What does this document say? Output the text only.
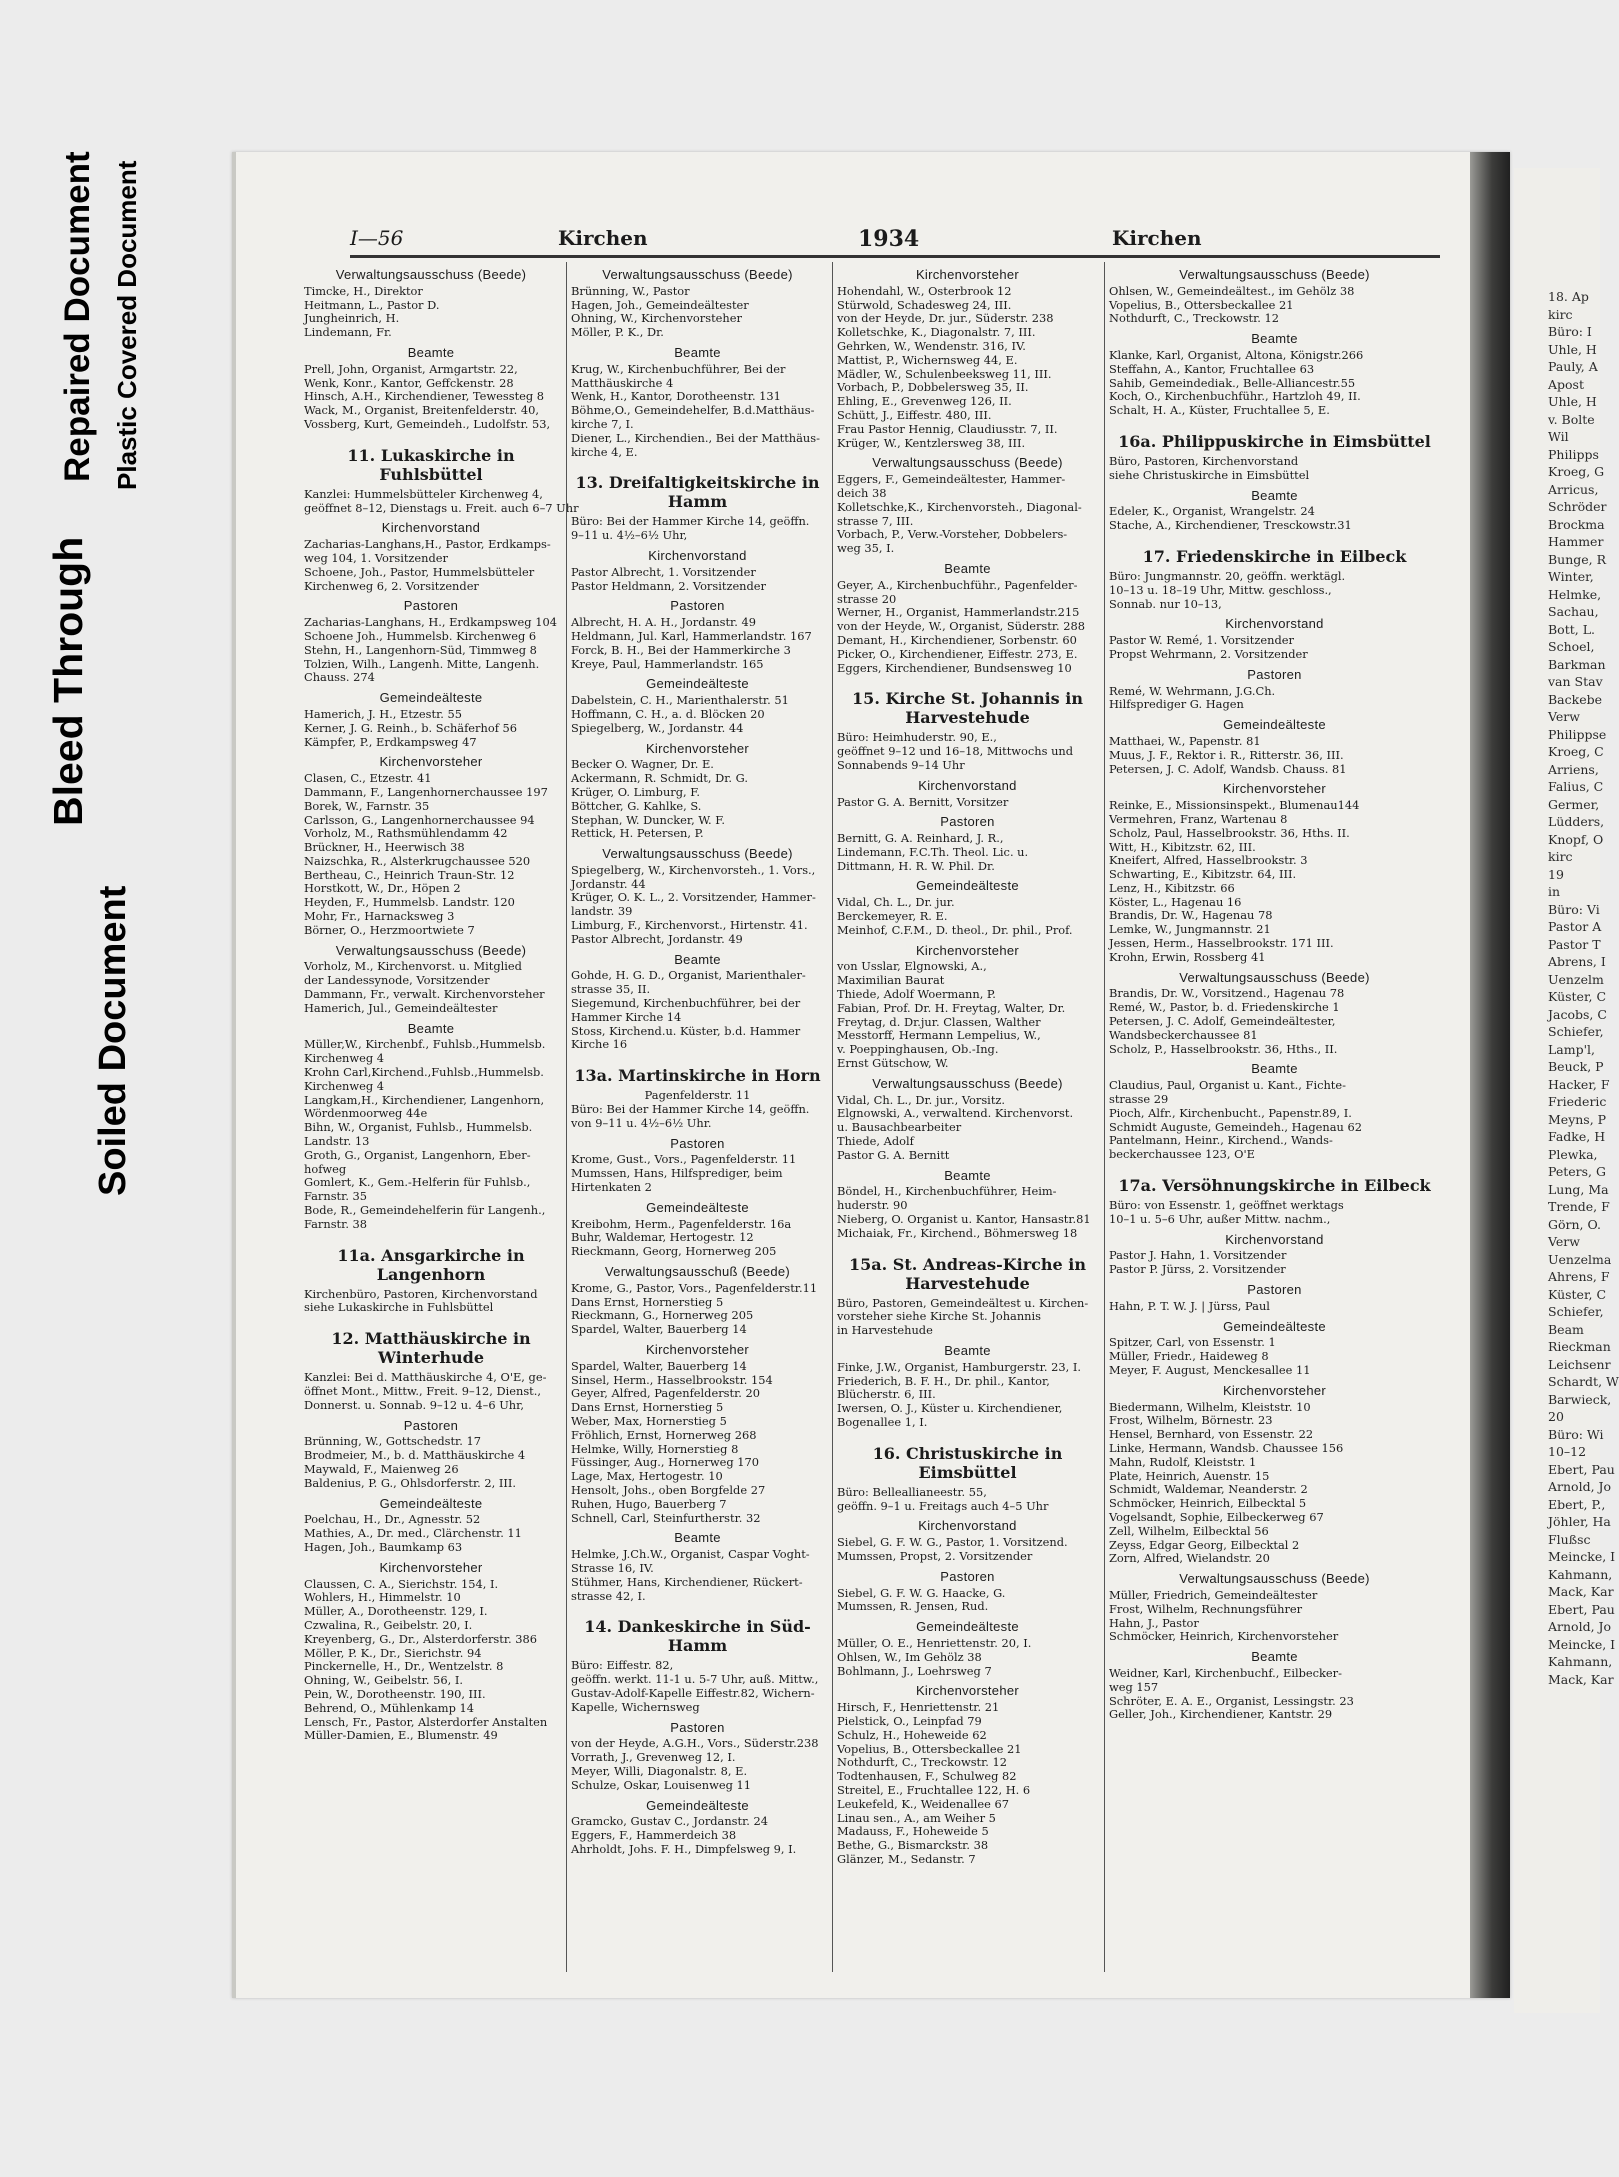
Soiled Document
Bleed Through
Repaired Document Plastic Covered Document	18. Ap
kirc
Büro: I
Uhle, H
Pauly, A
Apost
Uhle, H
v. Bolte
Wil
Philipps
Kroeg, G
Arricus,
Schröder
Brockma
Hammer
Bunge, R
Winter,
Helmke,
Sachau,
Bott, L.
Schoel,
Barkman
van Stav
Backebe
Verw
Philippse
Kroeg, C
Arriens,
Falius, C
Germer,
Lüdders,
Knopf, O
kirc
19
in
Büro: Vi
Pastor A
Pastor T
Abrens, I
Uenzelm
Küster, C
Jacobs, C
Schiefer,
Lamp'l,
Beuck, P
Hacker, F
Friederic
Meyns, P
Fadke, H
Plewka,
Peters, G
Lung, Ma
Trende, F
Görn, O.
Verw
Uenzelma
Ahrens, F
Küster, C
Schiefer,
Beam
Rieckman
Leichsenr
Schardt, W
Barwieck,
20
Büro: Wi
10–12
Ebert, Pau
Arnold, Jo
Ebert, P.,
Jöhler, Ha
Flußsc
Meincke, I
Kahmann,
Mack, Kar
Ebert, Pau
Arnold, Jo
Meincke, I
Kahmann,
Mack, Kar
I—56	Kirchen	1934	Kirchen
Verwaltungsausschuss (Beede)
Timcke, H., Direktor
Heitmann, L., Pastor D.
Jungheinrich, H.
Lindemann, Fr.
Beamte
Prell, John, Organist, Armgartstr. 22,
Wenk, Konr., Kantor, Geffckenstr. 28
Hinsch, A.H., Kirchendiener, Tewessteg 8
Wack, M., Organist, Breitenfelderstr. 40,
Vossberg, Kurt, Gemeindeh., Ludolfstr. 53,
11. Lukaskirche in Fuhlsbüttel
Kanzlei: Hummelsbütteler Kirchenweg 4,
geöffnet 8–12, Dienstags u. Freit. auch 6–7 Uhr
Kirchenvorstand
Zacharias-Langhans,H., Pastor, Erdkamps-
weg 104, 1. Vorsitzender
Schoene, Joh., Pastor, Hummelsbütteler
Kirchenweg 6, 2. Vorsitzender
Pastoren
Zacharias-Langhans, H., Erdkampsweg 104
Schoene Joh., Hummelsb. Kirchenweg 6
Stehn, H., Langenhorn-Süd, Timmweg 8
Tolzien, Wilh., Langenh. Mitte, Langenh.
Chauss. 274
Gemeindeälteste
Hamerich, J. H., Etzestr. 55
Kerner, J. G. Reinh., b. Schäferhof 56
Kämpfer, P., Erdkampsweg 47
Kirchenvorsteher
Clasen, C., Etzestr. 41
Dammann, F., Langenhornerchaussee 197
Borek, W., Farnstr. 35
Carlsson, G., Langenhornerchaussee 94
Vorholz, M., Rathsmühlendamm 42
Brückner, H., Heerwisch 38
Naizschka, R., Alsterkrugchaussee 520
Bertheau, C., Heinrich Traun-Str. 12
Horstkott, W., Dr., Höpen 2
Heyden, F., Hummelsb. Landstr. 120
Mohr, Fr., Harnacksweg 3
Börner, O., Herzmoortwiete 7
Verwaltungsausschuss (Beede)
Vorholz, M., Kirchenvorst. u. Mitglied
der Landessynode, Vorsitzender
Dammann, Fr., verwalt. Kirchenvorsteher
Hamerich, Jul., Gemeindeältester
Beamte
Müller,W., Kirchenbf., Fuhlsb.,Hummelsb.
Kirchenweg 4
Krohn Carl,Kirchend.,Fuhlsb.,Hummelsb.
Kirchenweg 4
Langkam,H., Kirchendiener, Langenhorn,
Wördenmoorweg 44e
Bihn, W., Organist, Fuhlsb., Hummelsb.
Landstr. 13
Groth, G., Organist, Langenhorn, Eber-
hofweg
Gomlert, K., Gem.-Helferin für Fuhlsb.,
Farnstr. 35
Bode, R., Gemeindehelferin für Langenh.,
Farnstr. 38
11a. Ansgarkirche in Langenhorn
Kirchenbüro, Pastoren, Kirchenvorstand
siehe Lukaskirche in Fuhlsbüttel
12. Matthäuskirche in Winterhude
Kanzlei: Bei d. Matthäuskirche 4, O'E, ge-
öffnet Mont., Mittw., Freit. 9–12, Dienst.,
Donnerst. u. Sonnab. 9–12 u. 4–6 Uhr,
Pastoren
Brünning, W., Gottschedstr. 17
Brodmeier, M., b. d. Matthäuskirche 4
Maywald, F., Maienweg 26
Baldenius, P. G., Ohlsdorferstr. 2, III.
Gemeindeälteste
Poelchau, H., Dr., Agnesstr. 52
Mathies, A., Dr. med., Clärchenstr. 11
Hagen, Joh., Baumkamp 63
Kirchenvorsteher
Claussen, C. A., Sierichstr. 154, I.
Wohlers, H., Himmelstr. 10
Müller, A., Dorotheenstr. 129, I.
Czwalina, R., Geibelstr. 20, I.
Kreyenberg, G., Dr., Alsterdorferstr. 386
Möller, P. K., Dr., Sierichstr. 94
Pinckernelle, H., Dr., Wentzelstr. 8
Ohning, W., Geibelstr. 56, I.
Pein, W., Dorotheenstr. 190, III.
Behrend, O., Mühlenkamp 14
Lensch, Fr., Pastor, Alsterdorfer Anstalten
Müller-Damien, E., Blumenstr. 49
Verwaltungsausschuss (Beede)
Brünning, W., Pastor
Hagen, Joh., Gemeindeältester
Ohning, W., Kirchenvorsteher
Möller, P. K., Dr.
Beamte
Krug, W., Kirchenbuchführer, Bei der
Matthäuskirche 4
Wenk, H., Kantor, Dorotheenstr. 131
Böhme,O., Gemeindehelfer, B.d.Matthäus-
kirche 7, I.
Diener, L., Kirchendien., Bei der Matthäus-
kirche 4, E.
13. Dreifaltigkeitskirche in Hamm
Büro: Bei der Hammer Kirche 14, geöffn.
9–11 u. 4½–6½ Uhr,
Kirchenvorstand
Pastor Albrecht, 1. Vorsitzender
Pastor Heldmann, 2. Vorsitzender
Pastoren
Albrecht, H. A. H., Jordanstr. 49
Heldmann, Jul. Karl, Hammerlandstr. 167
Forck, B. H., Bei der Hammerkirche 3
Kreye, Paul, Hammerlandstr. 165
Gemeindeälteste
Dabelstein, C. H., Marienthalerstr. 51
Hoffmann, C. H., a. d. Blöcken 20
Spiegelberg, W., Jordanstr. 44
Kirchenvorsteher
Becker O. Wagner, Dr. E.
Ackermann, R. Schmidt, Dr. G.
Krüger, O. Limburg, F.
Böttcher, G. Kahlke, S.
Stephan, W. Duncker, W. F.
Rettick, H. Petersen, P.
Verwaltungsausschuss (Beede)
Spiegelberg, W., Kirchenvorsteh., 1. Vors.,
Jordanstr. 44
Krüger, O. K. L., 2. Vorsitzender, Hammer-
landstr. 39
Limburg, F., Kirchenvorst., Hirtenstr. 41.
Pastor Albrecht, Jordanstr. 49
Beamte
Gohde, H. G. D., Organist, Marienthaler-
strasse 35, II.
Siegemund, Kirchenbuchführer, bei der
Hammer Kirche 14
Stoss, Kirchend.u. Küster, b.d. Hammer
Kirche 16
13a. Martinskirche in Horn
Pagenfelderstr. 11
Büro: Bei der Hammer Kirche 14, geöffn.
von 9–11 u. 4½–6½ Uhr.
Pastoren
Krome, Gust., Vors., Pagenfelderstr. 11
Mumssen, Hans, Hilfsprediger, beim
Hirtenkaten 2
Gemeindeälteste
Kreibohm, Herm., Pagenfelderstr. 16a
Buhr, Waldemar, Hertogestr. 12
Rieckmann, Georg, Hornerweg 205
Verwaltungsausschuß (Beede)
Krome, G., Pastor, Vors., Pagenfelderstr.11
Dans Ernst, Hornerstieg 5
Rieckmann, G., Hornerweg 205
Spardel, Walter, Bauerberg 14
Kirchenvorsteher
Spardel, Walter, Bauerberg 14
Sinsel, Herm., Hasselbrookstr. 154
Geyer, Alfred, Pagenfelderstr. 20
Dans Ernst, Hornerstieg 5
Weber, Max, Hornerstieg 5
Fröhlich, Ernst, Hornerweg 268
Helmke, Willy, Hornerstieg 8
Füssinger, Aug., Hornerweg 170
Lage, Max, Hertogestr. 10
Hensolt, Johs., oben Borgfelde 27
Ruhen, Hugo, Bauerberg 7
Schnell, Carl, Steinfurtherstr. 32
Beamte
Helmke, J.Ch.W., Organist, Caspar Voght-
Strasse 16, IV.
Stühmer, Hans, Kirchendiener, Rückert-
strasse 42, I.
14. Dankeskirche in Süd-Hamm
Büro: Eiffestr. 82,
geöffn. werkt. 11-1 u. 5-7 Uhr, auß. Mittw.,
Gustav-Adolf-Kapelle Eiffestr.82, Wichern-
Kapelle, Wichernsweg
Pastoren
von der Heyde, A.G.H., Vors., Süderstr.238
Vorrath, J., Grevenweg 12, I.
Meyer, Willi, Diagonalstr. 8, E.
Schulze, Oskar, Louisenweg 11
Gemeindeälteste
Gramcko, Gustav C., Jordanstr. 24
Eggers, F., Hammerdeich 38
Ahrholdt, Johs. F. H., Dimpfelsweg 9, I.
Kirchenvorsteher
Hohendahl, W., Osterbrook 12
Stürwold, Schadesweg 24, III.
von der Heyde, Dr. jur., Süderstr. 238
Kolletschke, K., Diagonalstr. 7, III.
Gehrken, W., Wendenstr. 316, IV.
Mattist, P., Wichernsweg 44, E.
Mädler, W., Schulenbeeksweg 11, III.
Vorbach, P., Dobbelersweg 35, II.
Ehling, E., Grevenweg 126, II.
Schütt, J., Eiffestr. 480, III.
Frau Pastor Hennig, Claudiusstr. 7, II.
Krüger, W., Kentzlersweg 38, III.
Verwaltungsausschuss (Beede)
Eggers, F., Gemeindeältester, Hammer-
deich 38
Kolletschke,K., Kirchenvorsteh., Diagonal-
strasse 7, III.
Vorbach, P., Verw.-Vorsteher, Dobbelers-
weg 35, I.
Beamte
Geyer, A., Kirchenbuchführ., Pagenfelder-
strasse 20
Werner, H., Organist, Hammerlandstr.215
von der Heyde, W., Organist, Süderstr. 288
Demant, H., Kirchendiener, Sorbenstr. 60
Picker, O., Kirchendiener, Eiffestr. 273, E.
Eggers, Kirchendiener, Bundsensweg 10
15. Kirche St. Johannis in Harvestehude
Büro: Heimhuderstr. 90, E.,
geöffnet 9–12 und 16–18, Mittwochs und
Sonnabends 9–14 Uhr
Kirchenvorstand
Pastor G. A. Bernitt, Vorsitzer
Pastoren
Bernitt, G. A. Reinhard, J. R.,
Lindemann, F.C.Th. Theol. Lic. u.
Dittmann, H. R. W. Phil. Dr.
Gemeindeälteste
Vidal, Ch. L., Dr. jur.
Berckemeyer, R. E.
Meinhof, C.F.M., D. theol., Dr. phil., Prof.
Kirchenvorsteher
von Usslar, Elgnowski, A.,
Maximilian Baurat
Thiede, Adolf Woermann, P.
Fabian, Prof. Dr. H. Freytag, Walter, Dr.
Freytag, d. Dr.jur. Classen, Walther
Messtorff, Hermann Lempelius, W.,
v. Poeppinghausen, Ob.-Ing.
Ernst Gütschow, W.
Verwaltungsausschuss (Beede)
Vidal, Ch. L., Dr. jur., Vorsitz.
Elgnowski, A., verwaltend. Kirchenvorst.
u. Bausachbearbeiter
Thiede, Adolf
Pastor G. A. Bernitt
Beamte
Böndel, H., Kirchenbuchführer, Heim-
huderstr. 90
Nieberg, O. Organist u. Kantor, Hansastr.81
Michaiak, Fr., Kirchend., Böhmersweg 18
15a. St. Andreas-Kirche in Harvestehude
Büro, Pastoren, Gemeindeältest u. Kirchen-
vorsteher siehe Kirche St. Johannis
in Harvestehude
Beamte
Finke, J.W., Organist, Hamburgerstr. 23, I.
Friederich, B. F. H., Dr. phil., Kantor,
Blücherstr. 6, III.
Iwersen, O. J., Küster u. Kirchendiener,
Bogenallee 1, I.
16. Christuskirche in Eimsbüttel
Büro: Belleallianeestr. 55,
geöffn. 9–1 u. Freitags auch 4–5 Uhr
Kirchenvorstand
Siebel, G. F. W. G., Pastor, 1. Vorsitzend.
Mumssen, Propst, 2. Vorsitzender
Pastoren
Siebel, G. F. W. G. Haacke, G.
Mumssen, R. Jensen, Rud.
Gemeindeälteste
Müller, O. E., Henriettenstr. 20, I.
Ohlsen, W., Im Gehölz 38
Bohlmann, J., Loehrsweg 7
Kirchenvorsteher
Hirsch, F., Henriettenstr. 21
Pielstick, O., Leinpfad 79
Schulz, H., Hoheweide 62
Vopelius, B., Ottersbeckallee 21
Nothdurft, C., Treckowstr. 12
Todtenhausen, F., Schulweg 82
Streitel, E., Fruchtallee 122, H. 6
Leukefeld, K., Weidenallee 67
Linau sen., A., am Weiher 5
Madauss, F., Hoheweide 5
Bethe, G., Bismarckstr. 38
Glänzer, M., Sedanstr. 7
Verwaltungsausschuss (Beede)
Ohlsen, W., Gemeindeältest., im Gehölz 38
Vopelius, B., Ottersbeckallee 21
Nothdurft, C., Treckowstr. 12
Beamte
Klanke, Karl, Organist, Altona, Königstr.266
Steffahn, A., Kantor, Fruchtallee 63
Sahib, Gemeindediak., Belle-Alliancestr.55
Koch, O., Kirchenbuchführ., Hartzloh 49, II.
Schalt, H. A., Küster, Fruchtallee 5, E.
16a. Philippuskirche in Eimsbüttel
Büro, Pastoren, Kirchenvorstand
siehe Christuskirche in Eimsbüttel
Beamte
Edeler, K., Organist, Wrangelstr. 24
Stache, A., Kirchendiener, Tresckowstr.31
17. Friedenskirche in Eilbeck
Büro: Jungmannstr. 20, geöffn. werktägl.
10–13 u. 18–19 Uhr, Mittw. geschloss.,
Sonnab. nur 10–13,
Kirchenvorstand
Pastor W. Remé, 1. Vorsitzender
Propst Wehrmann, 2. Vorsitzender
Pastoren
Remé, W. Wehrmann, J.G.Ch.
Hilfsprediger G. Hagen
Gemeindeälteste
Matthaei, W., Papenstr. 81
Muus, J. F., Rektor i. R., Ritterstr. 36, III.
Petersen, J. C. Adolf, Wandsb. Chauss. 81
Kirchenvorsteher
Reinke, E., Missionsinspekt., Blumenau144
Vermehren, Franz, Wartenau 8
Scholz, Paul, Hasselbrookstr. 36, Hths. II.
Witt, H., Kibitzstr. 62, III.
Kneifert, Alfred, Hasselbrookstr. 3
Schwarting, E., Kibitzstr. 64, III.
Lenz, H., Kibitzstr. 66
Köster, L., Hagenau 16
Brandis, Dr. W., Hagenau 78
Lemke, W., Jungmannstr. 21
Jessen, Herm., Hasselbrookstr. 171 III.
Krohn, Erwin, Rossberg 41
Verwaltungsausschuss (Beede)
Brandis, Dr. W., Vorsitzend., Hagenau 78
Remé, W., Pastor, b. d. Friedenskirche 1
Petersen, J. C. Adolf, Gemeindeältester,
Wandsbeckerchaussee 81
Scholz, P., Hasselbrookstr. 36, Hths., II.
Beamte
Claudius, Paul, Organist u. Kant., Fichte-
strasse 29
Pioch, Alfr., Kirchenbucht., Papenstr.89, I.
Schmidt Auguste, Gemeindeh., Hagenau 62
Pantelmann, Heinr., Kirchend., Wands-
beckerchaussee 123, O'E
17a. Versöhnungskirche in Eilbeck
Büro: von Essenstr. 1, geöffnet werktags
10–1 u. 5–6 Uhr, außer Mittw. nachm.,
Kirchenvorstand
Pastor J. Hahn, 1. Vorsitzender
Pastor P. Jürss, 2. Vorsitzender
Pastoren
Hahn, P. T. W. J. | Jürss, Paul
Gemeindeälteste
Spitzer, Carl, von Essenstr. 1
Müller, Friedr., Haideweg 8
Meyer, F. August, Menckesallee 11
Kirchenvorsteher
Biedermann, Wilhelm, Kleiststr. 10
Frost, Wilhelm, Börnestr. 23
Hensel, Bernhard, von Essenstr. 22
Linke, Hermann, Wandsb. Chaussee 156
Mahn, Rudolf, Kleiststr. 1
Plate, Heinrich, Auenstr. 15
Schmidt, Waldemar, Neanderstr. 2
Schmöcker, Heinrich, Eilbecktal 5
Vogelsandt, Sophie, Eilbeckerweg 67
Zell, Wilhelm, Eilbecktal 56
Zeyss, Edgar Georg, Eilbecktal 2
Zorn, Alfred, Wielandstr. 20
Verwaltungsausschuss (Beede)
Müller, Friedrich, Gemeindeältester
Frost, Wilhelm, Rechnungsführer
Hahn, J., Pastor
Schmöcker, Heinrich, Kirchenvorsteher
Beamte
Weidner, Karl, Kirchenbuchf., Eilbecker-
weg 157
Schröter, E. A. E., Organist, Lessingstr. 23
Geller, Joh., Kirchendiener, Kantstr. 29
